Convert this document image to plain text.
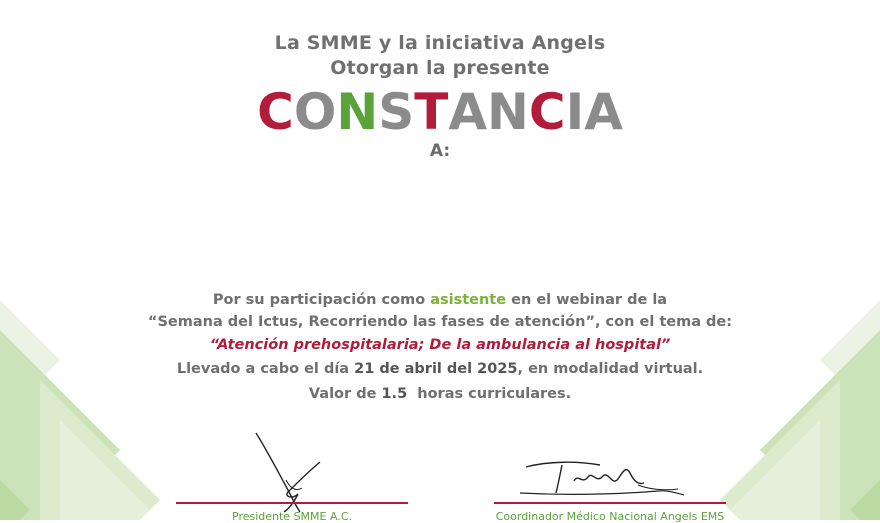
La SMME y la iniciativa Angels
Otorgan la presente
CONSTANCIA
A:
Por su participación como asistente en el webinar de la
“Semana del Ictus, Recorriendo las fases de atención”, con el tema de:
“Atención prehospitalaria; De la ambulancia al hospital”
Llevado a cabo el día 21 de abril del 2025, en modalidad virtual.
Valor de 1.5  horas curriculares.
Presidente SMME A.C.	Coordinador Médico Nacional Angels EMS
